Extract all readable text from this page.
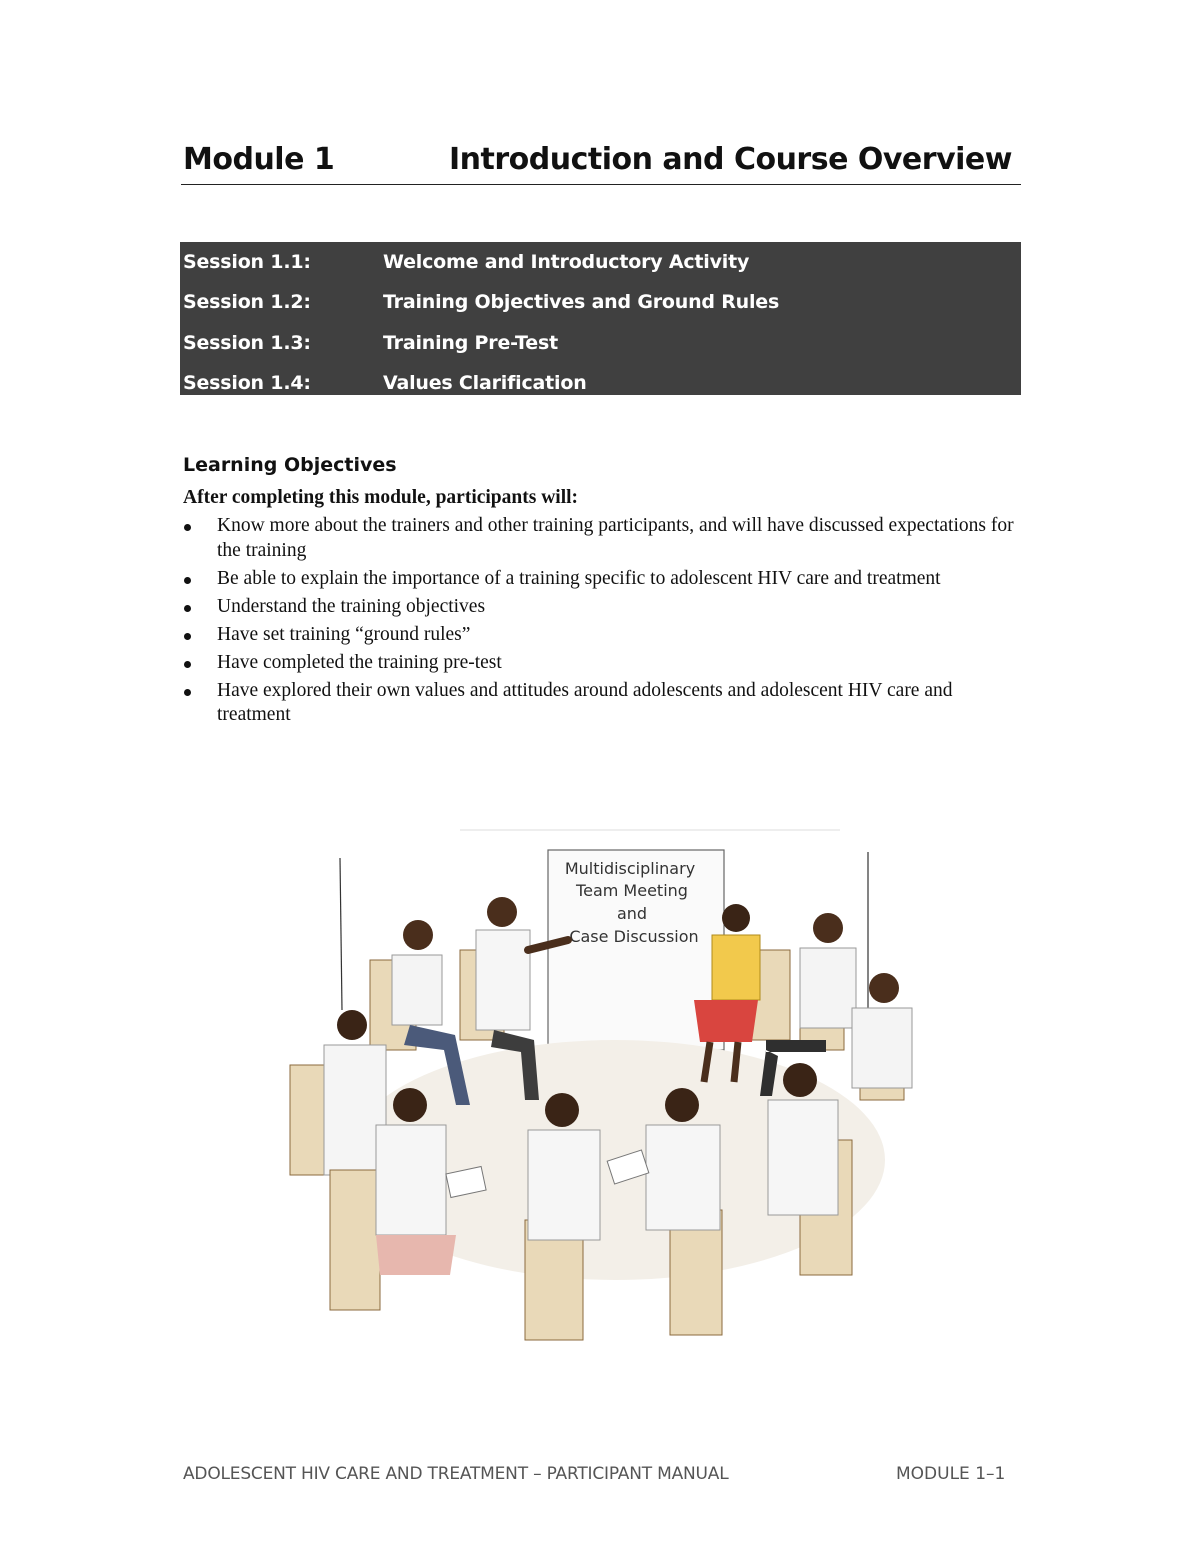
Module 1	Introduction and Course Overview
Session 1.1:	Welcome and Introductory Activity
Session 1.2:	Training Objectives and Ground Rules
Session 1.3:	Training Pre-Test
Session 1.4:	Values Clarification
Learning Objectives
After completing this module, participants will:
Know more about the trainers and other training participants, and will have discussed expectations for the training
Be able to explain the importance of a training specific to adolescent HIV care and treatment
Understand the training objectives
Have set training “ground rules”
Have completed the training pre-test
Have explored their own values and attitudes around adolescents and adolescent HIV care and treatment
Multidisciplinary
Team Meeting
and
Case Discussion
ADOLESCENT HIV CARE AND TREATMENT – PARTICIPANT MANUAL	MODULE 1–1
